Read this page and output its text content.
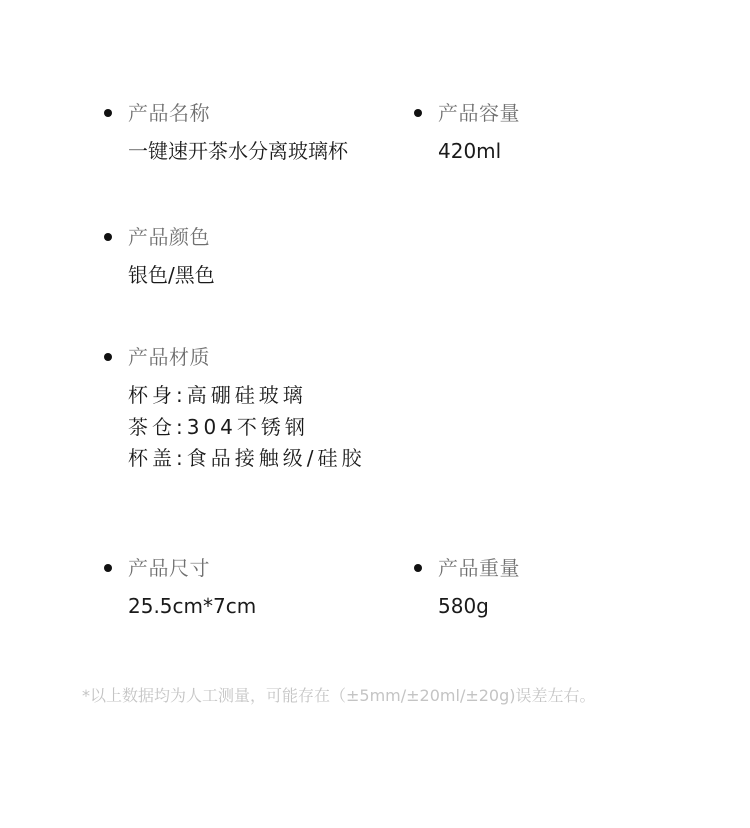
产品名称
一键速开茶水分离玻璃杯
产品容量
420ml
产品颜色
银色/黑色
产品材质
杯身:高硼硅玻璃
茶仓:304不锈钢
杯盖:食品接触级/硅胶
产品尺寸
25.5cm*7cm
产品重量
580g
*以上数据均为人工测量，可能存在（±5mm/±20ml/±20g)误差左右。
